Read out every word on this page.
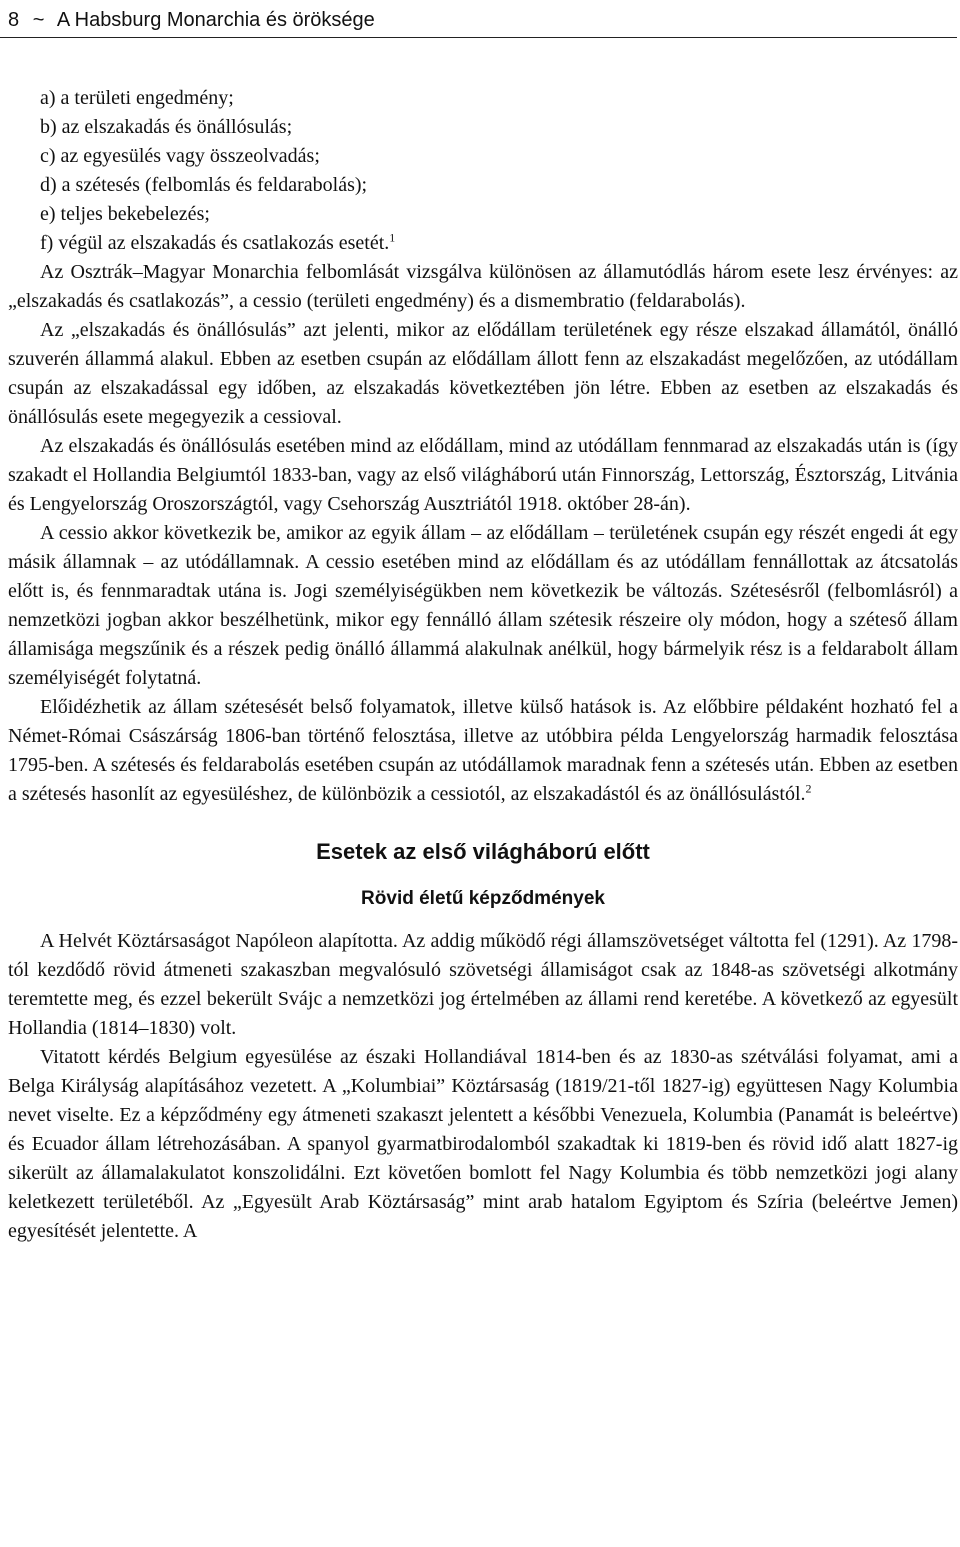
8 ~ A Habsburg Monarchia és öröksége

a) a területi engedmény;

b) az elszakadás és önállósulás;

c) az egyesülés vagy összeolvadás;

d) a szétesés (felbomlás és feldarabolás);

e) teljes bekebelezés;

f) végül az elszakadás és csatlakozás esetét.$^1$

Az Osztrák–Magyar Monarchia felbomlását vizsgálva különösen az államutódlás három esete lesz érvényes: az „elszakadás és csatlakozás”, a cessio (területi engedmény) és a dismembratio (feldarabolás).

Az „elszakadás és önállósulás” azt jelenti, mikor az elődállam területének egy része elszakad államától, önálló szuverén állammá alakul. Ebben az esetben csupán az elődállam állott fenn az elszakadást megelőzően, az utódállam csupán az elszakadással egy időben, az elszakadás következtében jön létre. Ebben az esetben az elszakadás és önállósulás esete megegyezik a cessioval.

Az elszakadás és önállósulás esetében mind az elődállam, mind az utódállam fennmarad az elszakadás után is (így szakadt el Hollandia Belgiumtól 1833-ban, vagy az első világháború után Finnország, Lettország, Észtország, Litvánia és Lengyelország Oroszországtól, vagy Csehország Ausztriától 1918. október 28-án).

A cessio akkor következik be, amikor az egyik állam – az elődállam – területének csupán egy részét engedi át egy másik államnak – az utódállamnak. A cessio esetében mind az elődállam és az utódállam fennállottak az átcsatolás előtt is, és fennmaradtak utána is. Jogi személyiségükben nem következik be változás. Szétesésről (felbomlásról) a nemzetközi jogban akkor beszélhetünk, mikor egy fennálló állam szétesik részeire oly módon, hogy a széteső állam államisága megszűnik és a részek pedig önálló állammá alakulnak anélkül, hogy bármelyik rész is a feldarabolt állam személyiségét folytatná.

Előidézhetik az állam szétesését belső folyamatok, illetve külső hatások is. Az előbbire példaként hozható fel a Német-Római Császárság 1806-ban történő felosztása, illetve az utóbbira példa Lengyelország harmadik felosztása 1795-ben. A szétesés és feldarabolás esetében csupán az utódállamok maradnak fenn a szétesés után. Ebben az esetben a szétesés hasonlít az egyesüléshez, de különbözik a cessiotól, az elszakadástól és az önállósulástól.$^2$

Esetek az első világháború előtt
Rövid életű képződmények

A Helvét Köztársaságot Napóleon alapította. Az addig működő régi államszövetséget váltotta fel (1291). Az 1798-tól kezdődő rövid átmeneti szakaszban megvalósuló szövetségi államiságot csak az 1848-as szövetségi alkotmány teremtette meg, és ezzel bekerült Svájc a nemzetközi jog értelmében az állami rend keretébe. A következő az egyesült Hollandia (1814–1830) volt.

Vitatott kérdés Belgium egyesülése az északi Hollandiával 1814-ben és az 1830-as szétválási folyamat, ami a Belga Királyság alapításához vezetett. A „Kolumbiai” Köztársaság (1819/21-től 1827-ig) együttesen Nagy Kolumbia nevet viselte. Ez a képződmény egy átmeneti szakaszt jelentett a későbbi Venezuela, Kolumbia (Panamát is beleértve) és Ecuador állam létrehozásában. A spanyol gyarmatbirodalomból szakadtak ki 1819-ben és rövid idő alatt 1827-ig sikerült az államalakulatot konszolidálni. Ezt követően bomlott fel Nagy Kolumbia és több nemzetközi jogi alany keletkezett területéből. Az „Egyesült Arab Köztársaság” mint arab hatalom Egyiptom és Szíria (beleértve Jemen) egyesítését jelentette. A
